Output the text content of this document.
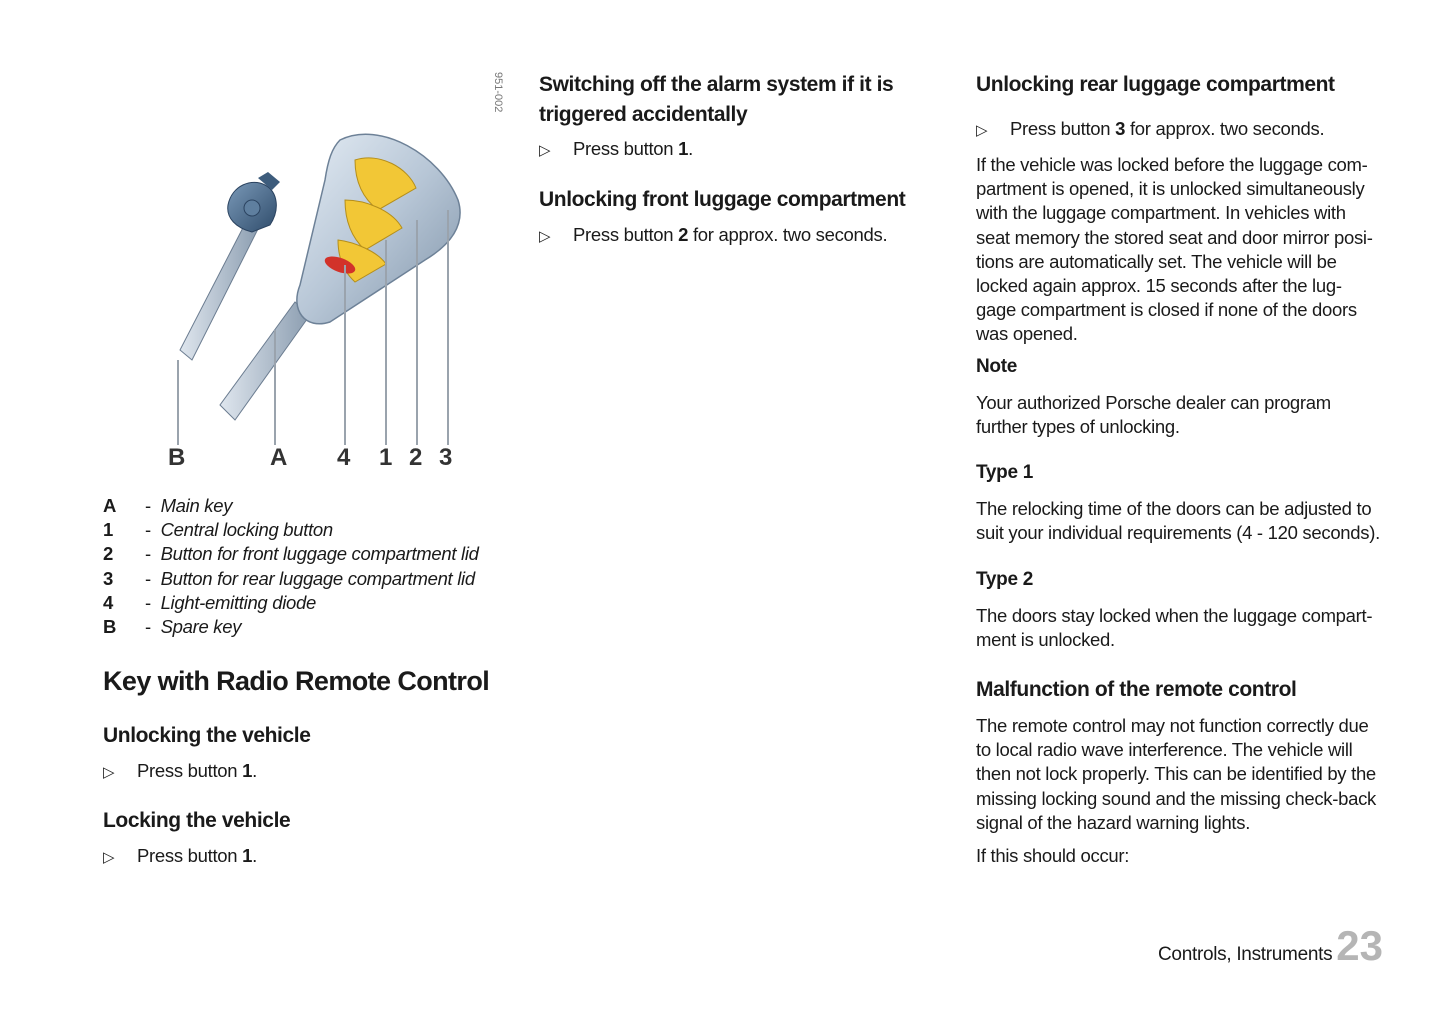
B	A 4 1 2 3
951-002
A - Main key
1 - Central locking button
2 - Button for front luggage compartment lid
3 - Button for rear luggage compartment lid
4 - Light-emitting diode
B - Spare key
Key with Radio Remote Control
Unlocking the vehicle
▷ Press button 1.
Locking the vehicle
▷ Press button 1.
Switching off the alarm system if it is
triggered accidentally
▷ Press button 1.
Unlocking front luggage compartment
▷ Press button 2 for approx. two seconds.
Unlocking rear luggage compartment
▷ Press button 3 for approx. two seconds.

If the vehicle was locked before the luggage com-
partment is opened, it is unlocked simultaneously
with the luggage compartment. In vehicles with
seat memory the stored seat and door mirror posi-
tions are automatically set. The vehicle will be
locked again approx. 15 seconds after the lug-
gage compartment is closed if none of the doors
was opened.

Note

Your authorized Porsche dealer can program
further types of unlocking.

Type 1

The relocking time of the doors can be adjusted to
suit your individual requirements (4 - 120 seconds).

Type 2

The doors stay locked when the luggage compart-
ment is unlocked.

Malfunction of the remote control

The remote control may not function correctly due
to local radio wave interference. The vehicle will
then not lock properly. This can be identified by the
missing locking sound and the missing check-back
signal of the hazard warning lights.

If this should occur:

Controls, Instruments23
